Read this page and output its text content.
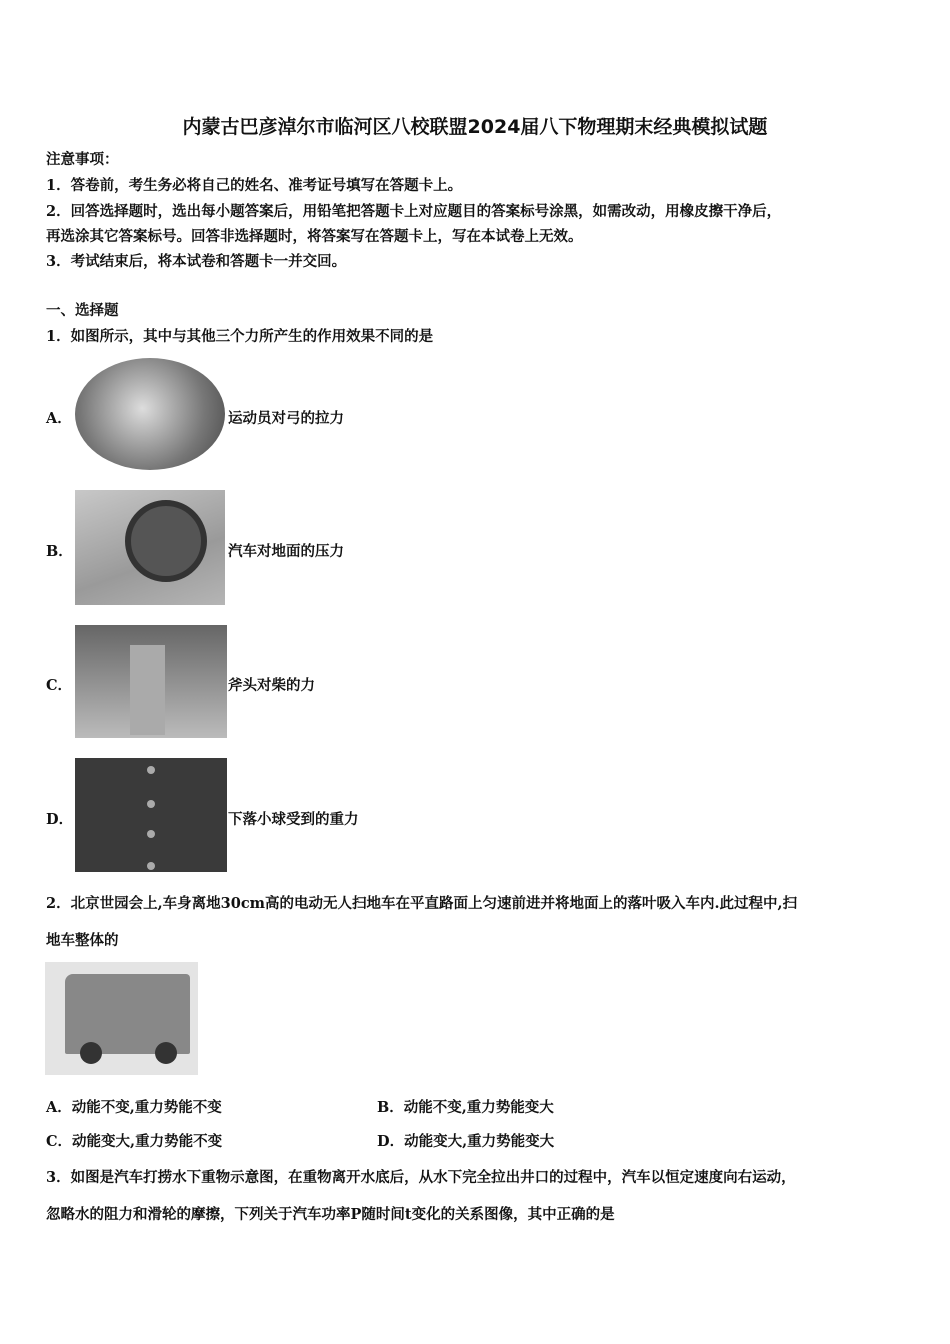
内蒙古巴彦淖尔市临河区八校联盟2024届八下物理期末经典模拟试题
注意事项：
1．答卷前，考生务必将自己的姓名、准考证号填写在答题卡上。
2．回答选择题时，选出每小题答案后，用铅笔把答题卡上对应题目的答案标号涂黑，如需改动，用橡皮擦干净后，
再选涂其它答案标号。回答非选择题时，将答案写在答题卡上，写在本试卷上无效。
3．考试结束后，将本试卷和答题卡一并交回。
一、选择题
1．如图所示，其中与其他三个力所产生的作用效果不同的是
A．	运动员对弓的拉力
B．	汽车对地面的压力
C．	斧头对柴的力
D．	下落小球受到的重力
2．北京世园会上,车身离地30cm高的电动无人扫地车在平直路面上匀速前进并将地面上的落叶吸入车内.此过程中,扫
地车整体的
A．动能不变,重力势能不变	B．动能不变,重力势能变大
C．动能变大,重力势能不变	D．动能变大,重力势能变大
3．如图是汽车打捞水下重物示意图，在重物离开水底后，从水下完全拉出井口的过程中，汽车以恒定速度向右运动，
忽略水的阻力和滑轮的摩擦，下列关于汽车功率P随时间t变化的关系图像，其中正确的是
